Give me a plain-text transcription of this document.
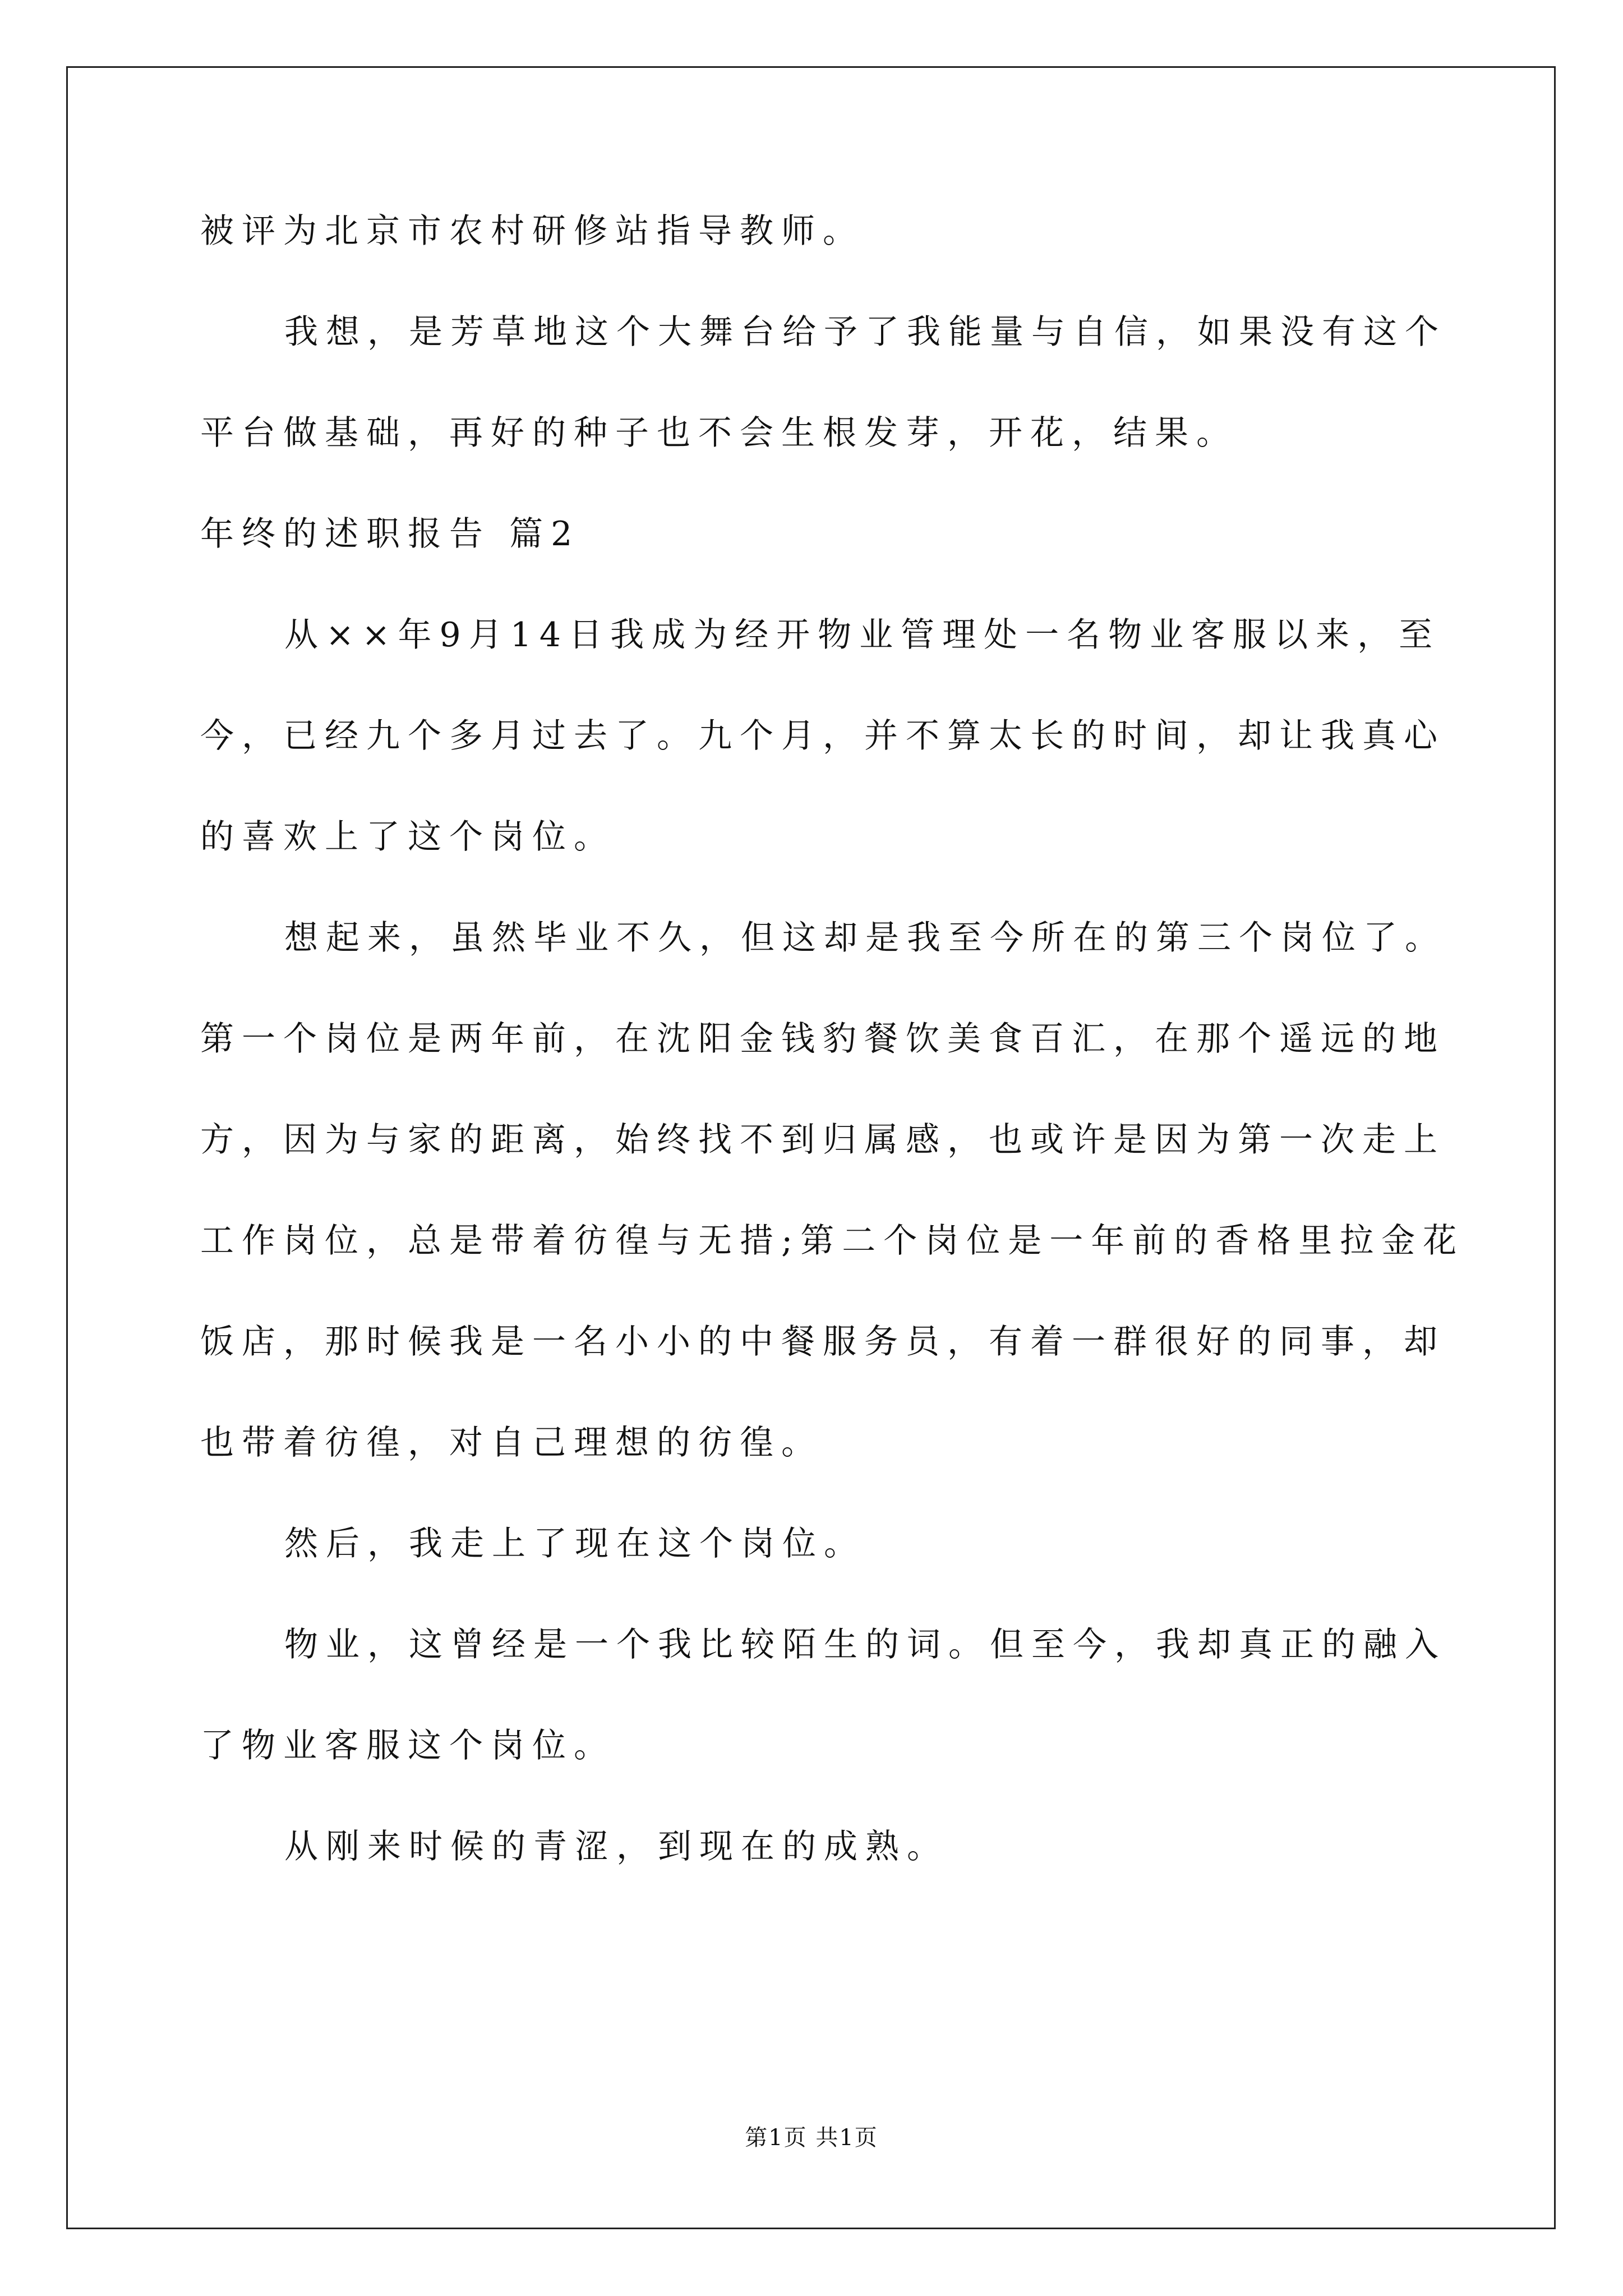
被评为北京市农村研修站指导教师。
我想，是芳草地这个大舞台给予了我能量与自信，如果没有这个
平台做基础，再好的种子也不会生根发芽，开花，结果。
年终的述职报告 篇2
从××年9月14日我成为经开物业管理处一名物业客服以来，至
今，已经九个多月过去了。九个月，并不算太长的时间，却让我真心
的喜欢上了这个岗位。
想起来，虽然毕业不久，但这却是我至今所在的第三个岗位了。
第一个岗位是两年前，在沈阳金钱豹餐饮美食百汇，在那个遥远的地
方，因为与家的距离，始终找不到归属感，也或许是因为第一次走上
工作岗位，总是带着彷徨与无措;第二个岗位是一年前的香格里拉金花
饭店，那时候我是一名小小的中餐服务员，有着一群很好的同事，却
也带着彷徨，对自己理想的彷徨。
然后，我走上了现在这个岗位。
物业，这曾经是一个我比较陌生的词。但至今，我却真正的融入
了物业客服这个岗位。
从刚来时候的青涩，到现在的成熟。
第1页 共1页
